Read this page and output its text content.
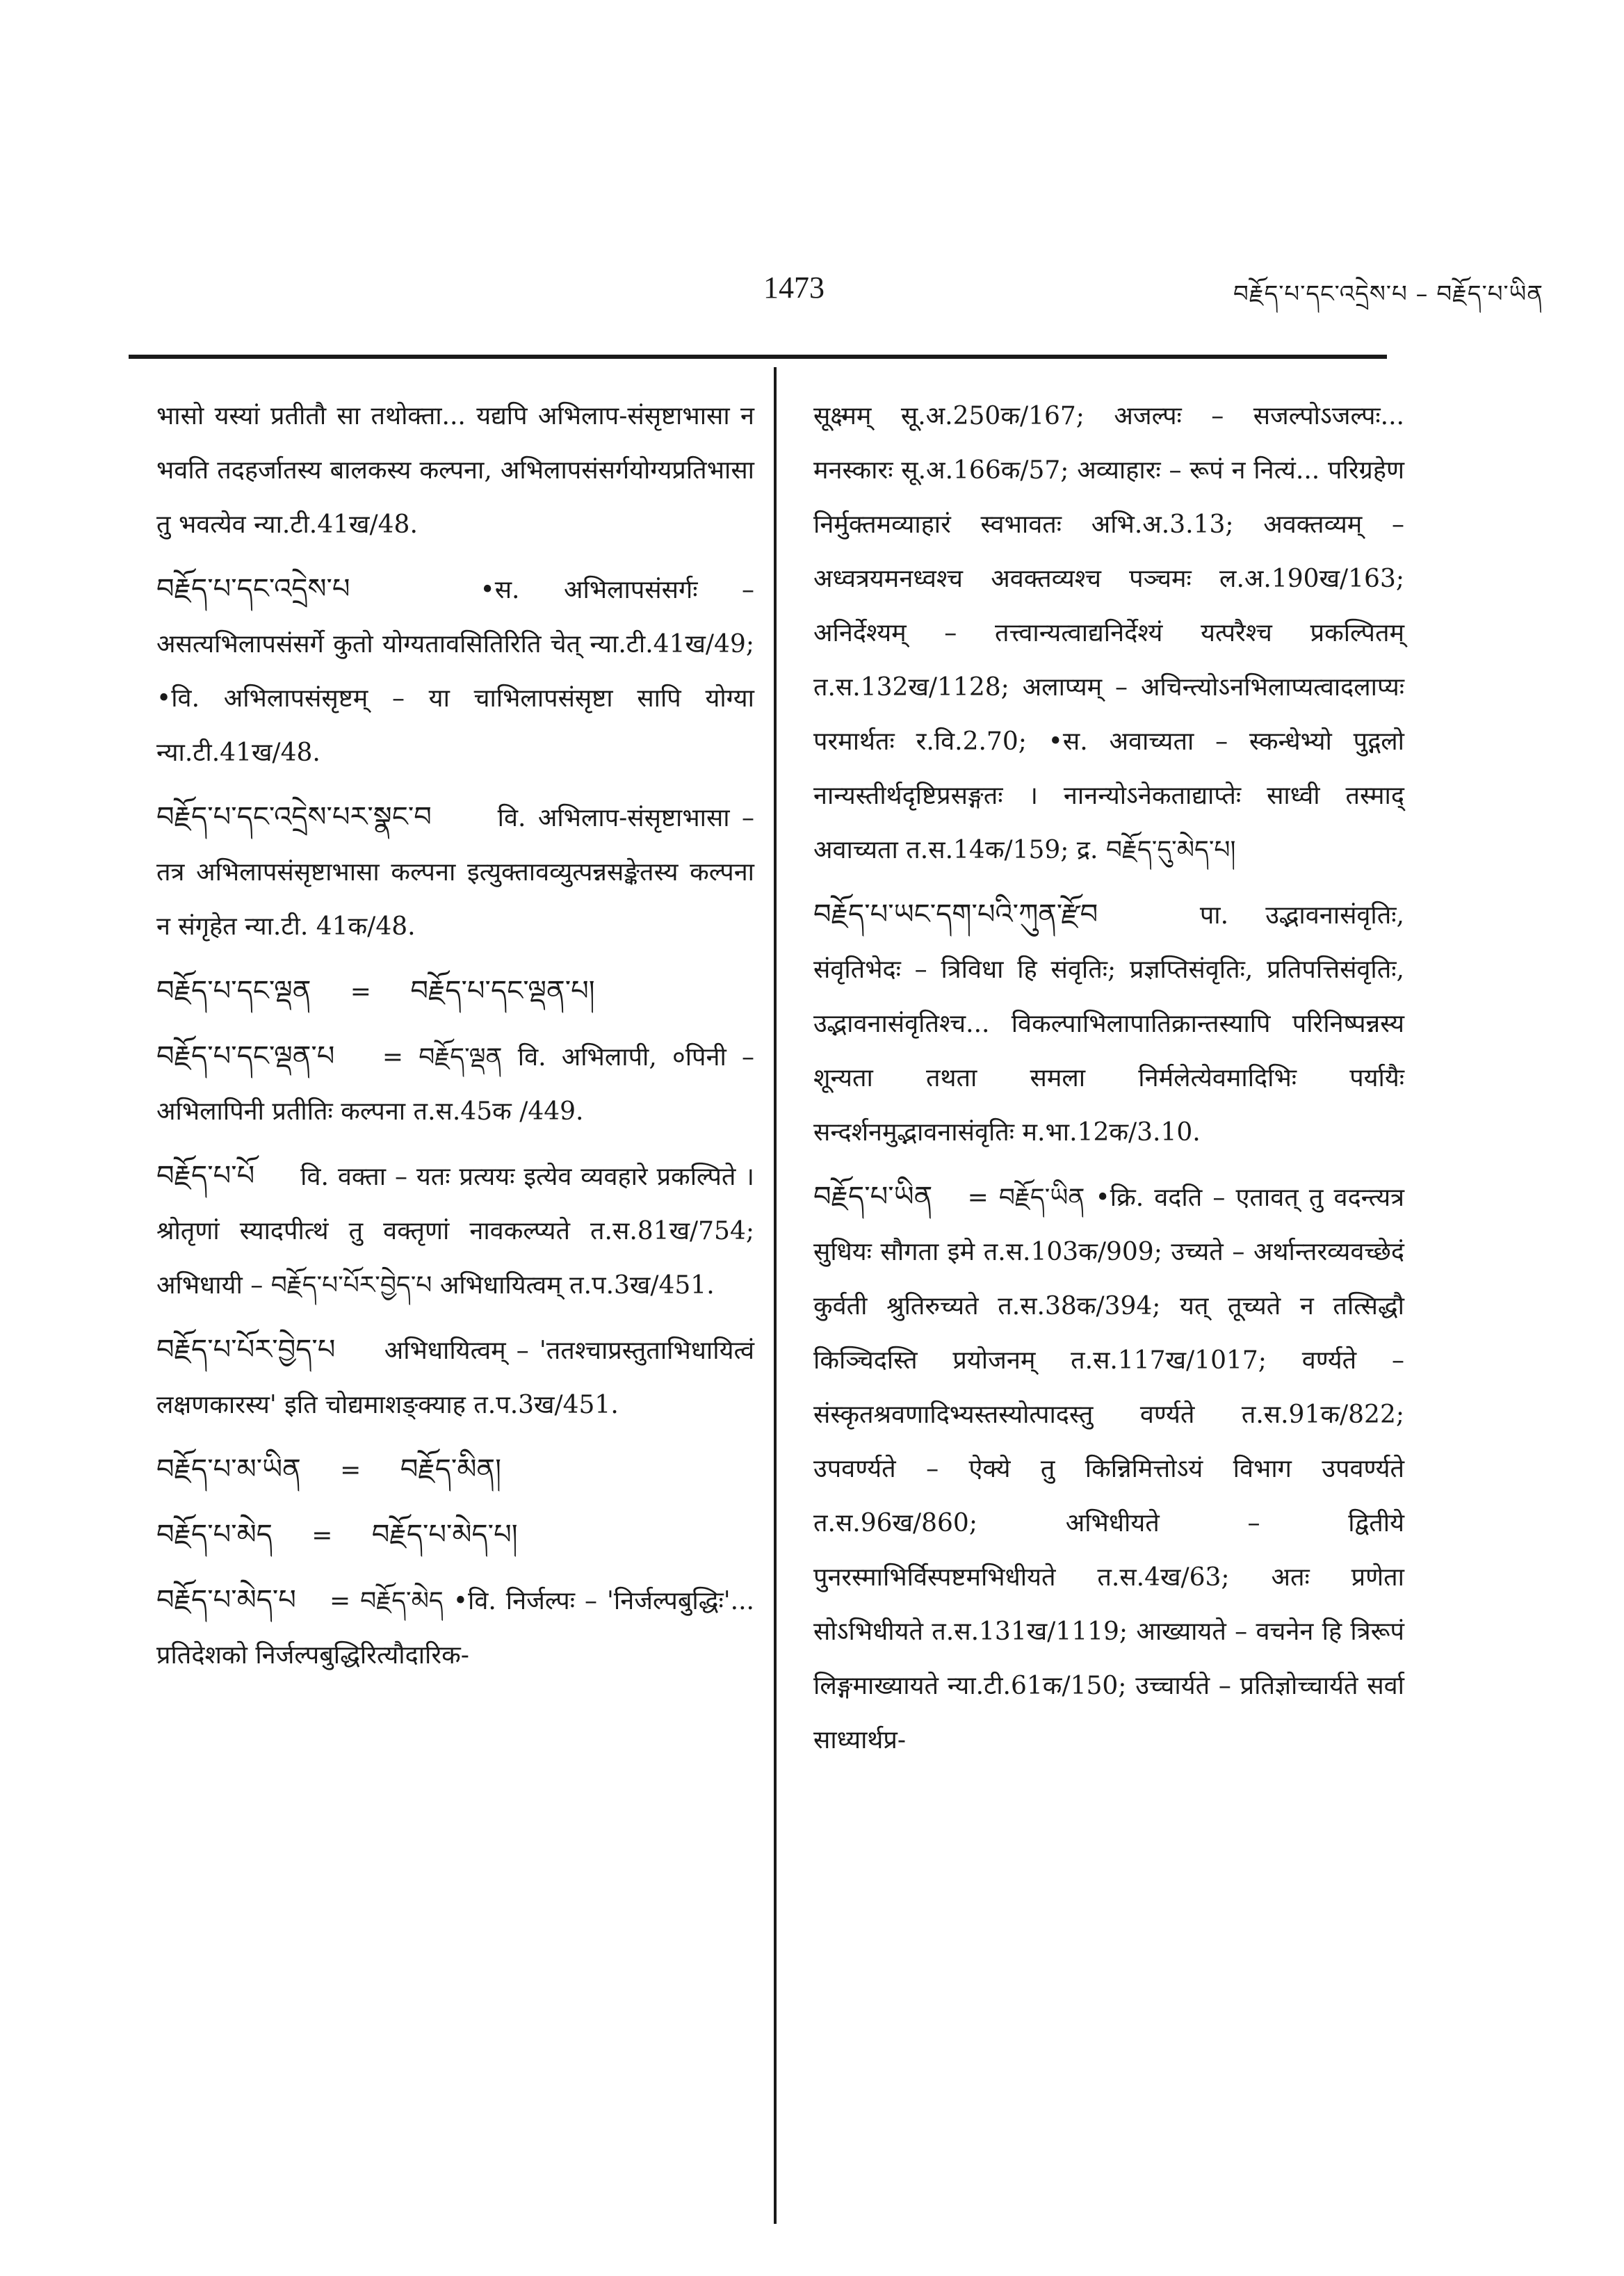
1473	བརྗོད་པ་དང་འདྲེས་པ – བརྗོད་པ་ཡིན

भासो यस्यां प्रतीतौ सा तथोक्ता... यद्यपि अभिलाप-संसृष्टाभासा न भवति तदहर्जातस्य बालकस्य कल्पना, अभिलापसंसर्गयोग्यप्रतिभासा तु भवत्येव न्या.टी.41ख/48.

བརྗོད་པ་དང་འདྲེས་པ	•स. अभिलापसंसर्गः – असत्यभिलापसंसर्गे कुतो योग्यतावसितिरिति चेत् न्या.टी.41ख/49; •वि. अभिलापसंसृष्टम् – या चाभिलापसंसृष्टा सापि योग्या न्या.टी.41ख/48.

བརྗོད་པ་དང་འདྲེས་པར་སྣང་བ	वि. अभिलाप-संसृष्टाभासा – तत्र अभिलापसंसृष्टाभासा कल्पना इत्युक्तावव्युत्पन्नसङ्केतस्य कल्पना न संगृहेत न्या.टी. 41क/48.

བརྗོད་པ་དང་ལྡན = བརྗོད་པ་དང་ལྡན་པ།

བརྗོད་པ་དང་ལྡན་པ = བརྗོད་ལྡན वि. अभिलापी, ०पिनी – अभिलापिनी प्रतीतिः कल्पना त.स.45क /449.

བརྗོད་པ་པོ वि. वक्ता – यतः प्रत्ययः इत्येव व्यवहारे प्रकल्पिते । श्रोतृणां स्यादपीत्थं तु वक्तृणां नावकल्प्यते त.स.81ख/754; अभिधायी – བརྗོད་པ་པོར་བྱེད་པ अभिधायित्वम् त.प.3ख/451.

བརྗོད་པ་པོར་བྱེད་པ अभिधायित्वम् – 'ततश्चाप्रस्तुताभिधायित्वं लक्षणकारस्य' इति चोद्यमाशङ्क्याह त.प.3ख/451.

བརྗོད་པ་མ་ཡིན = བརྗོད་མིན།

བརྗོད་པ་མེད = བརྗོད་པ་མེད་པ།

བརྗོད་པ་མེད་པ = བརྗོད་མེད •वि. निर्जल्पः – 'निर्जल्पबुद्धिः'... प्रतिदेशको निर्जल्पबुद्धिरित्यौदारिक-

सूक्ष्मम् सू.अ.250क/167; अजल्पः – सजल्पोऽजल्पः... मनस्कारः सू.अ.166क/57; अव्याहारः – रूपं न नित्यं... परिग्रहेण निर्मुक्तमव्याहारं स्वभावतः अभि.अ.3.13; अवक्तव्यम् – अध्वत्रयमनध्वश्च अवक्तव्यश्च पञ्चमः ल.अ.190ख/163; अनिर्देश्यम् – तत्त्वान्यत्वाद्यनिर्देश्यं यत्परैश्च प्रकल्पितम् त.स.132ख/1128; अलाप्यम् – अचिन्त्योऽनभिलाप्यत्वादलाप्यः परमार्थतः र.वि.2.70; •स. अवाच्यता – स्कन्धेभ्यो पुद्गलो नान्यस्तीर्थदृष्टिप्रसङ्गतः । नानन्योऽनेकताद्याप्तेः साध्वी तस्माद् अवाच्यता त.स.14क/159; द्र. བརྗོད་དུ་མེད་པ།

བརྗོད་པ་ཡང་དག་པའི་ཀུན་རྫོབ	पा. उद्भावनासंवृतिः, संवृतिभेदः – त्रिविधा हि संवृतिः; प्रज्ञप्तिसंवृतिः, प्रतिपत्तिसंवृतिः, उद्भावनासंवृतिश्च... विकल्पाभिलापातिक्रान्तस्यापि परिनिष्पन्नस्य शून्यता तथता समला निर्मलेत्येवमादिभिः पर्यायैः सन्दर्शनमुद्भावनासंवृतिः म.भा.12क/3.10.

བརྗོད་པ་ཡིན = བརྗོད་ཡིན •क्रि. वदति – एतावत् तु वदन्त्यत्र सुधियः सौगता इमे त.स.103क/909; उच्यते – अर्थान्तरव्यवच्छेदं कुर्वती श्रुतिरुच्यते त.स.38क/394; यत् तूच्यते न तत्सिद्धौ किञ्चिदस्ति प्रयोजनम् त.स.117ख/1017; वर्ण्यते – संस्कृतश्रवणादिभ्यस्तस्योत्पादस्तु वर्ण्यते त.स.91क/822; उपवर्ण्यते – ऐक्ये तु किन्निमित्तोऽयं विभाग उपवर्ण्यते त.स.96ख/860; अभिधीयते – द्वितीये पुनरस्माभिर्विस्पष्टमभिधीयते त.स.4ख/63; अतः प्रणेता सोऽभिधीयते त.स.131ख/1119; आख्यायते – वचनेन हि त्रिरूपं लिङ्गमाख्यायते न्या.टी.61क/150; उच्चार्यते – प्रतिज्ञोच्चार्यते सर्वा साध्यार्थप्र-
